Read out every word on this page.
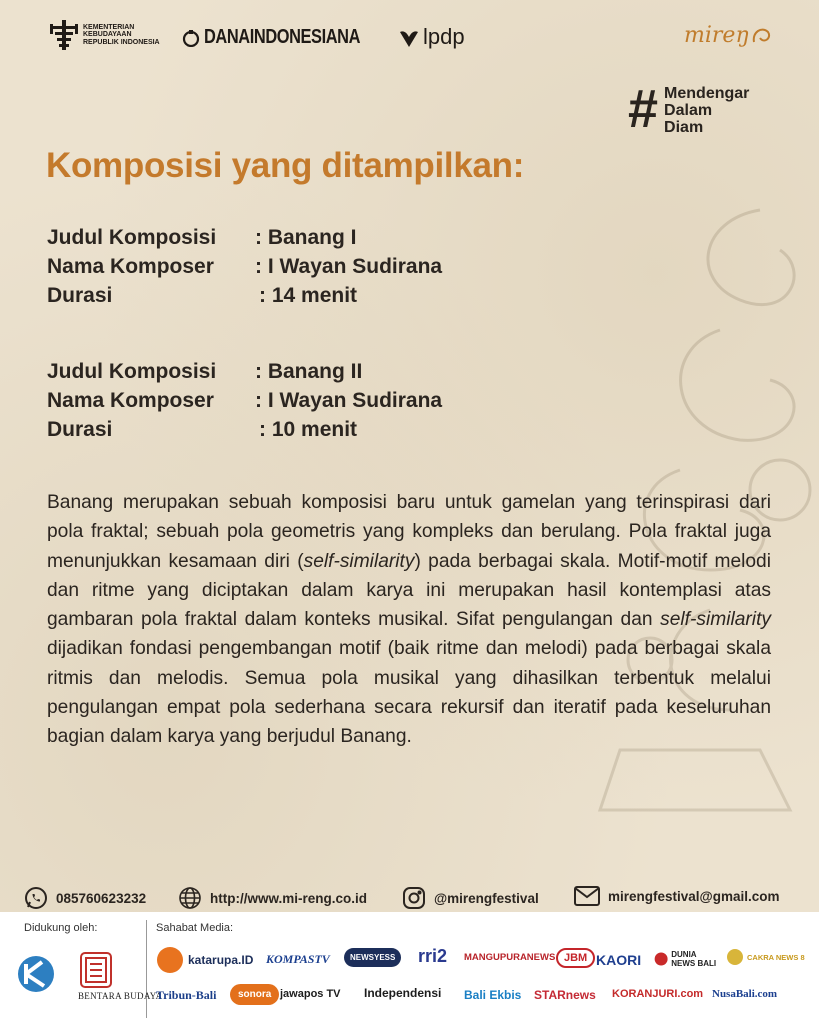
KEMENTERIAN KEBUDAYAAN REPUBLIK INDONESIA DANAINDONESIANA	lpdp	mireŋ
# Mendengar
Dalam
Diam
Komposisi yang ditampilkan:
Judul Komposisi	: Banang I
Nama Komposer	: I Wayan Sudirana
Durasi	: 14 menit
Judul Komposisi	: Banang II
Nama Komposer	: I Wayan Sudirana
Durasi	: 10 menit

Banang merupakan sebuah komposisi baru untuk gamelan yang terinspirasi dari pola fraktal; sebuah pola geometris yang kompleks dan berulang. Pola fraktal juga menunjukkan kesamaan diri (self-similarity) pada berbagai skala. Motif-motif melodi dan ritme yang diciptakan dalam karya ini merupakan hasil kontemplasi atas gambaran pola fraktal dalam konteks musikal. Sifat pengulangan dan self-similarity dijadikan fondasi pengembangan motif (baik ritme dan melodi) pada berbagai skala ritmis dan melodis. Semua pola musikal yang dihasilkan terbentuk melalui pengulangan empat pola sederhana secara rekursif dan iteratif pada keseluruhan bagian dalam karya yang berjudul Banang.

085760623232	http://www.mi-reng.co.id	@mirengfestival	mirengfestival@gmail.com
Didukung oleh:	Sahabat Media:
BENTARA BUDAYA
katarupa.ID KOMPASTV	NEWSYESS	rri2 MANGUPURANEWS JBM KAORI	DUNIA NEWS BALI
CAKRA NEWS 8
Tribun-Bali	sonora jawapos TV Independensi Bali Ekbis STARnews KORANJURI.com NusaBali.com
